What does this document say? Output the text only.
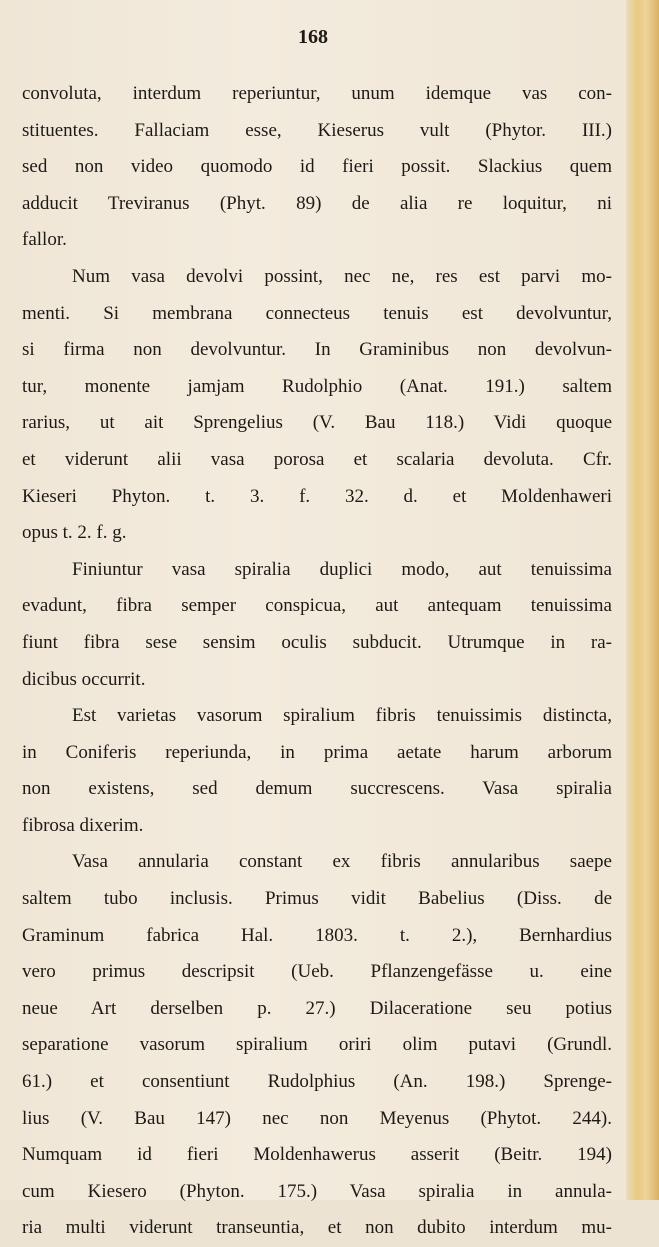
168
convoluta, interdum reperiuntur, unum idemque vas con-
stituentes. Fallaciam esse, Kieserus vult (Phytor. III.)
sed non video quomodo id fieri possit. Slackius quem
adducit Treviranus (Phyt. 89) de alia re loquitur, ni
fallor.
Num vasa devolvi possint, nec ne, res est parvi mo-
menti. Si membrana connecteus tenuis est devolvuntur,
si firma non devolvuntur. In Graminibus non devolvun-
tur, monente jamjam Rudolphio (Anat. 191.) saltem
rarius, ut ait Sprengelius (V. Bau 118.) Vidi quoque
et viderunt alii vasa porosa et scalaria devoluta. Cfr.
Kieseri Phyton. t. 3. f. 32. d. et Moldenhaweri
opus t. 2. f. g.
Finiuntur vasa spiralia duplici modo, aut tenuissima
evadunt, fibra semper conspicua, aut antequam tenuissima
fiunt fibra sese sensim oculis subducit. Utrumque in ra-
dicibus occurrit.
Est varietas vasorum spiralium fibris tenuissimis distincta,
in Coniferis reperiunda, in prima aetate harum arborum
non existens, sed demum succrescens. Vasa spiralia
fibrosa dixerim.
Vasa annularia constant ex fibris annularibus saepe
saltem tubo inclusis. Primus vidit Babelius (Diss. de
Graminum fabrica Hal. 1803. t. 2.), Bernhardius
vero primus descripsit (Ueb. Pflanzengefässe u. eine
neue Art derselben p. 27.) Dilaceratione seu potius
separatione vasorum spiralium oriri olim putavi (Grundl.
61.) et consentiunt Rudolphius (An. 198.) Sprenge-
lius (V. Bau 147) nec non Meyenus (Phytot. 244).
Numquam id fieri Moldenhawerus asserit (Beitr. 194)
cum Kiesero (Phyton. 175.) Vasa spiralia in annula-
ria multi viderunt transeuntia, et non dubito interdum mu-
